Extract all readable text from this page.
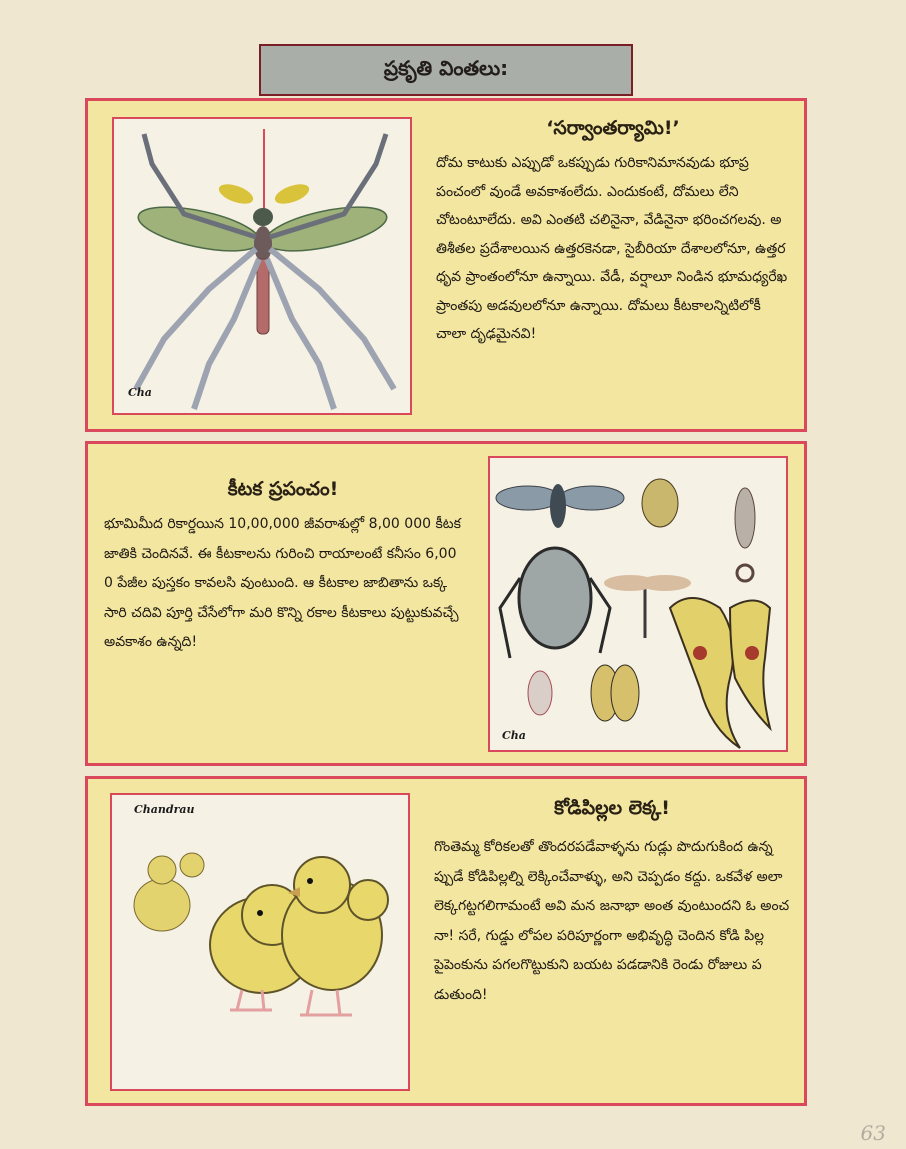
ప్రకృతి వింతలు:
Cha
‘సర్వాంతర్యామి!’
దోమ కాటుకు ఎప్పుడో ఒకప్పుడు గురికానిమానవుడు భూప్రపంచంలో వుండే అవకాశంలేదు. ఎందుకంటే, దోమలు లేని చోటంటూలేదు. అవి ఎంతటి చలినైనా, వేడినైనా భరించగలవు. అతిశీతల ప్రదేశాలయిన ఉత్తరకెనడా, సైబీరియా దేశాలలోనూ, ఉత్తర ధృవ ప్రాంతంలోనూ ఉన్నాయి. వేడీ, వర్షాలూ నిండిన భూమధ్యరేఖ ప్రాంతపు అడవులలోనూ ఉన్నాయి. దోమలు కీటకాలన్నిటిలోకీ చాలా దృఢమైనవి!
కీటక ప్రపంచం!
భూమిమీద రికార్డయిన 10,00,000 జీవరాశుల్లో 8,00 000 కీటక జాతికి చెందినవే. ఈ కీటకాలను గురించి రాయాలంటే కనీసం 6,000 పేజీల పుస్తకం కావలసి వుంటుంది. ఆ కీటకాల జాబితాను ఒక్కసారి చదివి పూర్తి చేసేలోగా మరి కొన్ని రకాల కీటకాలు పుట్టుకువచ్చే అవకాశం ఉన్నది!
Cha
Chandrau	కోడిపిల్లల లెక్క!
గొంతెమ్మ కోరికలతో తొందరపడేవాళ్ళను గుడ్లు పొదుగుకింద ఉన్నప్పుడే కోడిపిల్లల్ని లెక్కించేవాళ్ళు, అని చెప్పడం కద్దు. ఒకవేళ అలా లెక్కగట్టగలిగామంటే అవి మన జనాభా అంత వుంటుందని ఓ అంచనా! సరే, గుడ్డు లోపల పరిపూర్ణంగా అభివృద్ధి చెందిన కోడి పిల్ల పైపెంకును పగలగొట్టుకుని బయట పడడానికి రెండు రోజులు పడుతుంది!
63
